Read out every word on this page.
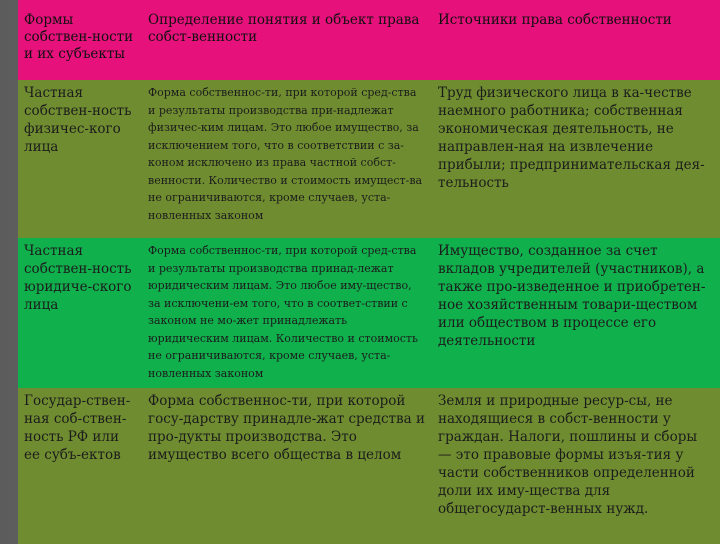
Формы собствен-ности и их субъекты	Определение понятия и объект права собст-венности	Источники права собственности
Частная собствен-ность физичес-кого лица	Форма собственнос-ти, при которой сред-ства и результаты производства при-надлежат физичес-ким лицам. Это любое имущество, за исключением того, что в соответствии с за-коном исключено из права частной собст-венности. Количество и стоимость имущест-ва не ограничиваются, кроме случаев, уста-новленных законом	Труд физического лица в ка-честве наемного работника; собственная экономическая деятельность, не направлен-ная на извлечение прибыли; предпринимательская дея-тельность
Частная собствен-ность юридиче-ского лица	Форма собственнос-ти, при которой сред-ства и результаты производства принад-лежат юридическим лицам. Это любое иму-щество, за исключени-ем того, что в соответ-ствии с законом не мо-жет принадлежать юридическим лицам. Количество и стоимость не ограничиваются, кроме случаев, уста-новленных законом	Имущество, созданное за счет вкладов учредителей (участников), а также про-изведенное и приобретен-ное хозяйственным товари-ществом или обществом в процессе его деятельности
Государ-ствен-ная соб-ствен-ность РФ или ее субъ-ектов	Форма собственнос-ти, при которой госу-дарству принадле-жат средства и про-дукты производства. Это имущество всего общества в целом	Земля и природные ресур-сы, не находящиеся в собст-венности у граждан. Налоги, пошлины и сборы — это правовые формы изъя-тия у части собственников определенной доли их иму-щества для общегосударст-венных нужд.
